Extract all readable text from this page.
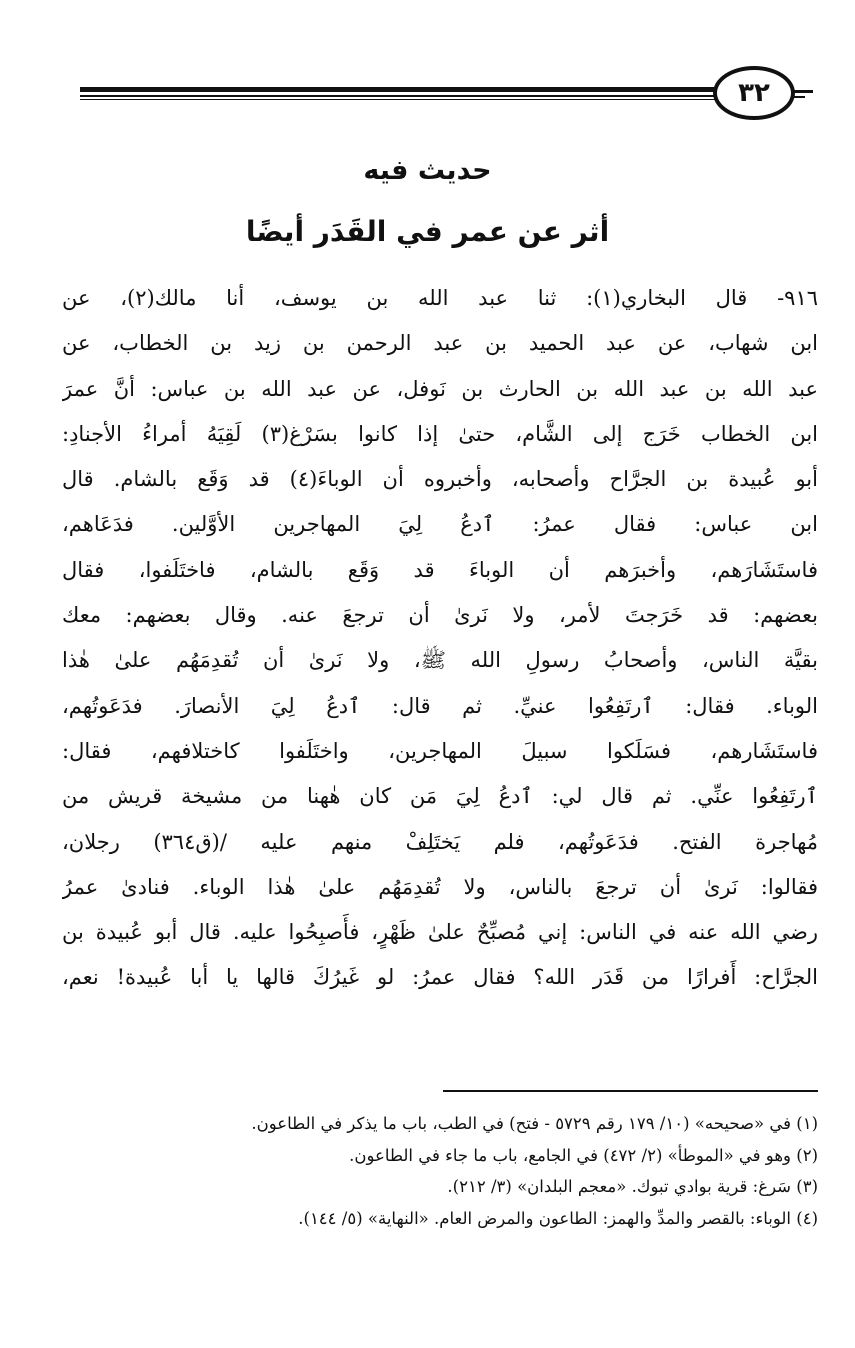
٣٢
حديث فيه
أثر عن عمر في القَدَر أيضًا
٩١٦- قال البخاري(١): ثنا عبد الله بن يوسف، أنا مالك(٢)، عن
ابن شهاب، عن عبد الحميد بن عبد الرحمن بن زيد بن الخطاب، عن
عبد الله بن عبد الله بن الحارث بن نَوفل، عن عبد الله بن عباس: أنَّ عمرَ
ابن الخطاب خَرَج إلى الشَّام، حتىٰ إذا كانوا بسَرْغ(٣) لَقِيَهُ أمراءُ الأجنادِ:
أبو عُبيدة بن الجرَّاح وأصحابه، وأخبروه أن الوباءَ(٤) قد وَقَع بالشام. قال
ابن عباس: فقال عمرُ: ٱدعُ لِيَ المهاجرين الأوَّلين. فدَعَاهم،
فاستَشَارَهم، وأخبرَهم أن الوباءَ قد وَقَع بالشام، فاختَلَفوا، فقال
بعضهم: قد خَرَجتَ لأمر، ولا نَرىٰ أن ترجعَ عنه. وقال بعضهم: معك
بقيَّة الناس، وأصحابُ رسولِ الله ﷺ، ولا نَرىٰ أن تُقدِمَهُم علىٰ هٰذا
الوباء. فقال: ٱرتَفِعُوا عنيِّ. ثم قال: ٱدعُ لِيَ الأنصارَ. فدَعَوتُهم،
فاستَشَارهم، فسَلَكوا سبيلَ المهاجرين، واختَلَفوا كاختلافهم، فقال:
ٱرتَفِعُوا عنِّي. ثم قال لي: ٱدعُ لِيَ مَن كان هٰهنا من مشيخة قريش من
مُهاجرة الفتح. فدَعَوتُهم، فلم يَختَلِفْ منهم عليه /(ق٣٦٤) رجلان،
فقالوا: نَرىٰ أن ترجعَ بالناس، ولا تُقدِمَهُم علىٰ هٰذا الوباء. فنادىٰ عمرُ
رضي الله عنه في الناس: إني مُصبِّحٌ علىٰ ظَهْرٍ، فأَصبِحُوا عليه. قال أبو عُبيدة بن
الجرَّاح: أَفرارًا من قَدَر الله؟ فقال عمرُ: لو غَيرُكَ قالها يا أبا عُبيدة! نعم،
(١) في «صحيحه» (١٠/ ١٧٩ رقم ٥٧٢٩ - فتح) في الطب، باب ما يذكر في الطاعون.
(٢) وهو في «الموطأ» (٢/ ٤٧٢) في الجامع، باب ما جاء في الطاعون.
(٣) سَرغ: قرية بوادي تبوك. «معجم البلدان» (٣/ ٢١٢).
(٤) الوباء: بالقصر والمدِّ والهمز: الطاعون والمرض العام. «النهاية» (٥/ ١٤٤).
